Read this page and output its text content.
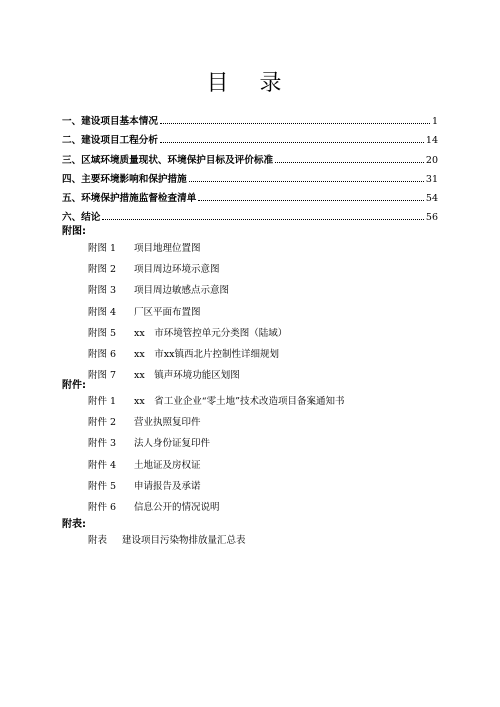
目 录
一、建设项目基本情况	1
二、建设项目工程分析	14
三、区域环境质量现状、环境保护目标及评价标准	20
四、主要环境影响和保护措施	31
五、环境保护措施监督检查清单	54
六、结论	56
附图:
附图 1 项目地理位置图
附图 2 项目周边环境示意图
附图 3 项目周边敏感点示意图
附图 4 厂区平面布置图
附图 5 xx　市环境管控单元分类图（陆域）
附图 6 xx　市xx镇西北片控制性详细规划
附图 7 xx　镇声环境功能区划图
附件:
附件 1 xx　省工业企业“零土地”技术改造项目备案通知书
附件 2 营业执照复印件
附件 3 法人身份证复印件
附件 4 土地证及房权证
附件 5 申请报告及承诺
附件 6 信息公开的情况说明
附表:
附表 建设项目污染物排放量汇总表
